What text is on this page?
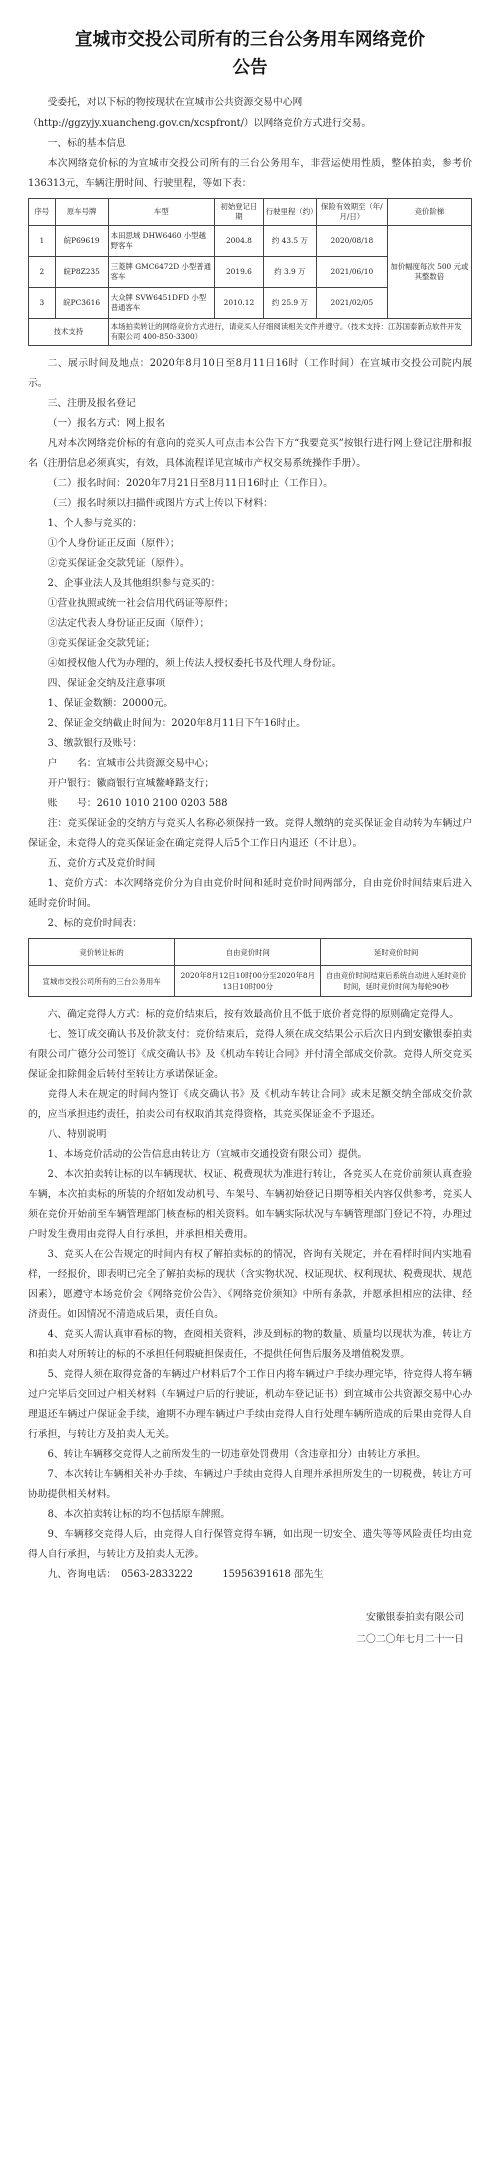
宣城市交投公司所有的三台公务用车网络竞价
公告

受委托，对以下标的物按现状在宣城市公共资源交易中心网

（http://ggzyjy.xuancheng.gov.cn/xcspfront/）以网络竞价方式进行交易。

一、标的基本信息

本次网络竞价标的为宣城市交投公司所有的三台公务用车，非营运使用性质，整体拍卖，参考价136313元，车辆注册时间、行驶里程，等如下表：

序号	原车号牌	车型	初始登记日期	行驶里程（约）	保险有效期至（年/月/日）	竞价阶梯
1	皖P69619	本田思域 DHW6460 小型越野客车	2004.8	约 43.5 万	2020/08/18	加价幅度每次 500 元或其整数倍
2	皖P8Z235	三菱牌 GMC6472D 小型普通客车	2019.6	约 3.9 万	2021/06/10	
3	皖PC3616	大众牌 SVW6451DFD 小型普通客车	2010.12	约 25.9 万	2021/02/05	
技术支持		本场拍卖转让的网络竞价方式进行，请竞买人仔细阅读相关文件并遵守。（技术支持：江苏国泰新点软件开发有限公司 400-850-3300）				

二、展示时间及地点：2020年8月10日至8月11日16时（工作时间）在宣城市交投公司院内展示。

三、注册及报名登记

（一）报名方式：网上报名

凡对本次网络竞价标的有意向的竞买人可点击本公告下方“我要竞买”按银行进行网上登记注册和报名（注册信息必须真实，有效，具体流程详见宣城市产权交易系统操作手册）。

（二）报名时间：2020年7月21日至8月11日16时止（工作日）。

（三）报名时须以扫描件或图片方式上传以下材料：

1、个人参与竞买的：

①个人身份证正反面（原件）；

②竞买保证金交款凭证（原件）。

2、企事业法人及其他组织参与竞买的：

①营业执照或统一社会信用代码证等原件；

②法定代表人身份证正反面（原件）；

③竞买保证金交款凭证；

④如授权他人代为办理的，须上传法人授权委托书及代理人身份证。

四、保证金交纳及注意事项

1、保证金数额：20000元。

2、保证金交纳截止时间为：2020年8月11日下午16时止。

3、缴款银行及账号：

户　　名：宣城市公共资源交易中心；

开户银行：徽商银行宣城鳌峰路支行；

账　　号：2610 1010 2100 0203 588

注：竞买保证金的交纳方与竞买人名称必须保持一致。竞得人缴纳的竞买保证金自动转为车辆过户保证金，未竞得人的竞买保证金在确定竞得人后5个工作日内退还（不计息）。

五、竞价方式及竞价时间

1、竞价方式：本次网络竞价分为自由竞价时间和延时竞价时间两部分，自由竞价时间结束后进入延时竞价时间。

2、标的竞价时间表：

竞价转让标的	自由竞价时间	延时竞价时间
宣城市交投公司所有的三台公务用车	2020年8月12日10时00分至2020年8月13日10时00分	自由竞价时间结束后系统自动进入延时竞价时间，延时竞价时间为每轮90秒

六、确定竞得人方式：标的竞价结束后，按有效最高价且不低于底价者竞得的原则确定竞得人。

七、签订成交确认书及价款支付：竞价结束后，竞得人须在成交结果公示后次日内到安徽银泰拍卖有限公司广德分公司签订《成交确认书》及《机动车转让合同》并付清全部成交价款。竞得人所交竞买保证金扣除佣金后转付至转让方承诺保证金。

竞得人未在规定的时间内签订《成交确认书》及《机动车转让合同》或未足额交纳全部成交价款的，应当承担违约责任，拍卖公司有权取消其竞得资格，其竞买保证金不予退还。

八、特别说明

1、本场竞价活动的公告信息由转让方（宣城市交通投资有限公司）提供。

2、本次拍卖转让标的以车辆现状、权证、税费现状为准进行转让，各竞买人在竞价前须认真查验车辆，本次拍卖标的所装的介绍如发动机号、车架号、车辆初始登记日期等相关内容仅供参考，竞买人须在竞价开始前至车辆管理部门核查标的相关资料。如车辆实际状况与车辆管理部门登记不符，办理过户时发生费用由竞得人自行承担，并承担相关费用。

3、竞买人在公告规定的时间内有权了解拍卖标的的情况，咨询有关规定，并在看样时间内实地看样，一经报价，即表明已完全了解拍卖标的现状（含实物状况、权证现状、权利现状、税费现状、规范因素），愿遵守本场竞价会《网络竞价公告》、《网络竞价须知》中所有条款，并愿承担相应的法律、经济责任。如因情况不清造成后果，责任自负。

4、竞买人需认真审看标的物，查阅相关资料，涉及到标的物的数量、质量均以现状为准，转让方和拍卖人对所转让的标的不承担任何瑕疵担保责任，不提供任何售后服务及增值税发票。

5、竞得人须在取得竞备的车辆过户材料后7个工作日内将车辆过户手续办理完毕，待竞得人将车辆过户完毕后交回过户相关材料（车辆过户后的行驶证，机动车登记证书）到宣城市公共资源交易中心办理退还车辆过户保证金手续，逾期不办理车辆过户手续由竞得人自行处理车辆所造成的后果由竞得人自行承担，与转让方及拍卖人无关。

6、转让车辆移交竞得人之前所发生的一切违章处罚费用（含违章扣分）由转让方承担。

7、本次转让车辆相关补办手续、车辆过户手续由竞得人自理并承担所发生的一切税费，转让方可协助提供相关材料。

8、本次拍卖转让标的均不包括原车牌照。

9、车辆移交竞得人后，由竞得人自行保管竞得车辆，如出现一切安全、遗失等等风险责任均由竞得人自行承担，与转让方及拍卖人无涉。

九、咨询电话：　0563-2833222　　　15956391618 邵先生

安徽银泰拍卖有限公司
二〇二〇年七月二十一日
